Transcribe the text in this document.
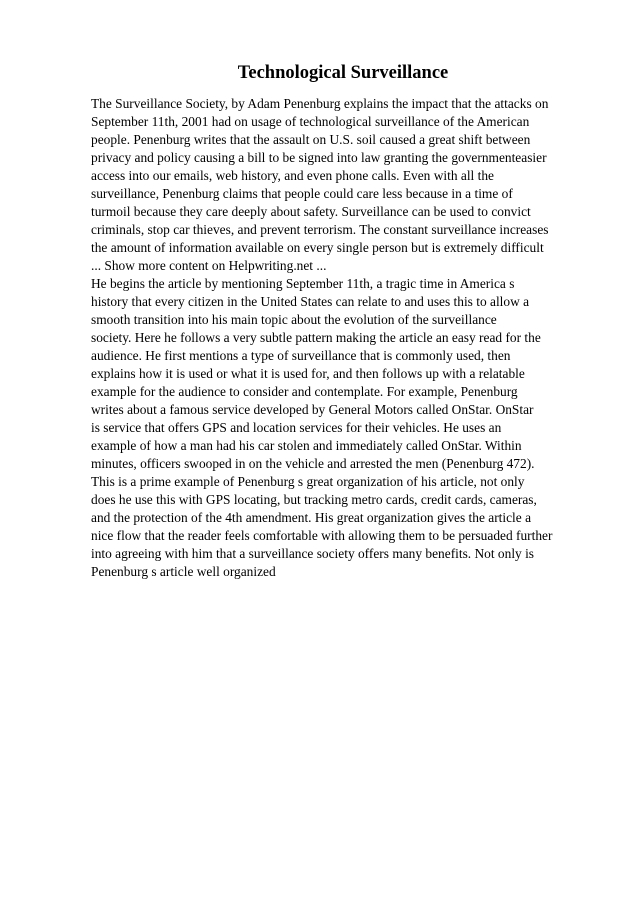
Technological Surveillance
The Surveillance Society, by Adam Penenburg explains the impact that the attacks on
September 11th, 2001 had on usage of technological surveillance of the American
people. Penenburg writes that the assault on U.S. soil caused a great shift between
privacy and policy causing a bill to be signed into law granting the governmenteasier
access into our emails, web history, and even phone calls. Even with all the
surveillance, Penenburg claims that people could care less because in a time of
turmoil because they care deeply about safety. Surveillance can be used to convict
criminals, stop car thieves, and prevent terrorism. The constant surveillance increases
the amount of information available on every single person but is extremely difficult
... Show more content on Helpwriting.net ...
He begins the article by mentioning September 11th, a tragic time in America s
history that every citizen in the United States can relate to and uses this to allow a
smooth transition into his main topic about the evolution of the surveillance
society. Here he follows a very subtle pattern making the article an easy read for the
audience. He first mentions a type of surveillance that is commonly used, then
explains how it is used or what it is used for, and then follows up with a relatable
example for the audience to consider and contemplate. For example, Penenburg
writes about a famous service developed by General Motors called OnStar. OnStar
is service that offers GPS and location services for their vehicles. He uses an
example of how a man had his car stolen and immediately called OnStar. Within
minutes, officers swooped in on the vehicle and arrested the men (Penenburg 472).
This is a prime example of Penenburg s great organization of his article, not only
does he use this with GPS locating, but tracking metro cards, credit cards, cameras,
and the protection of the 4th amendment. His great organization gives the article a
nice flow that the reader feels comfortable with allowing them to be persuaded further
into agreeing with him that a surveillance society offers many benefits. Not only is
Penenburg s article well organized
